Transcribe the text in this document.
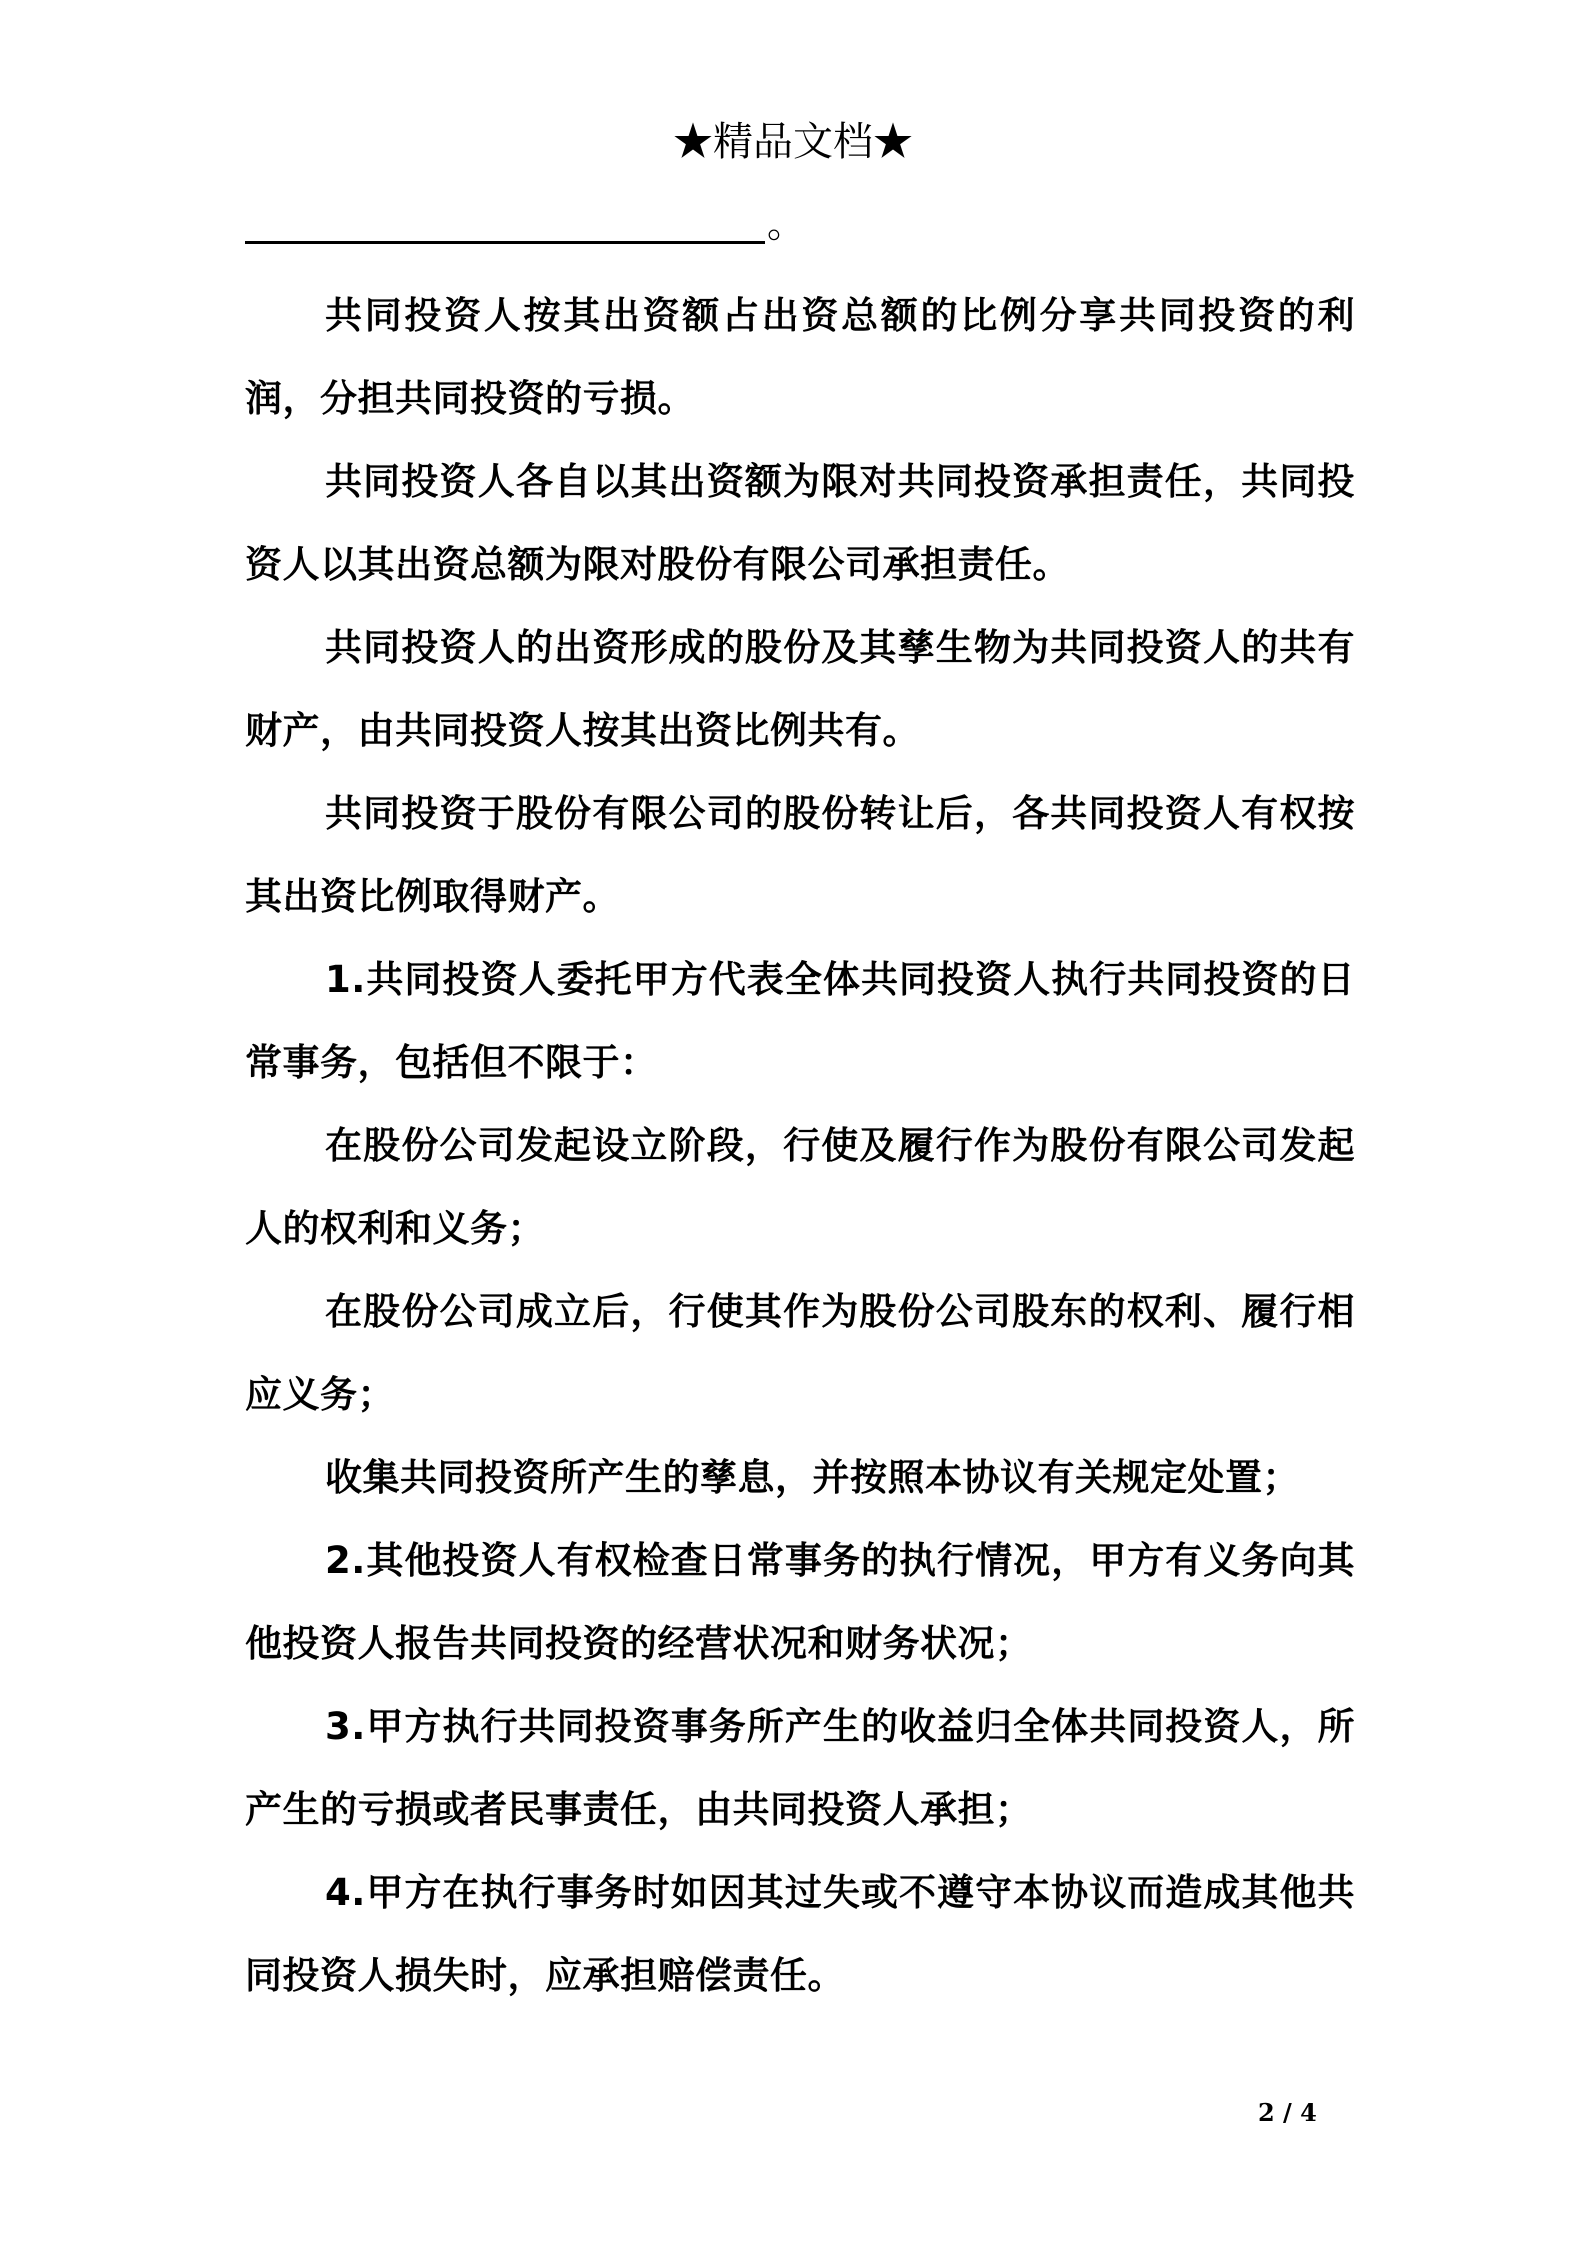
★精品文档★
。

共同投资人按其出资额占出资总额的比例分享共同投资的利润，分担共同投资的亏损。

共同投资人各自以其出资额为限对共同投资承担责任，共同投资人以其出资总额为限对股份有限公司承担责任。

共同投资人的出资形成的股份及其孳生物为共同投资人的共有财产，由共同投资人按其出资比例共有。

共同投资于股份有限公司的股份转让后，各共同投资人有权按其出资比例取得财产。

1.共同投资人委托甲方代表全体共同投资人执行共同投资的日常事务，包括但不限于：

在股份公司发起设立阶段，行使及履行作为股份有限公司发起人的权利和义务；

在股份公司成立后，行使其作为股份公司股东的权利、履行相应义务；

收集共同投资所产生的孳息，并按照本协议有关规定处置；

2.其他投资人有权检查日常事务的执行情况，甲方有义务向其他投资人报告共同投资的经营状况和财务状况；

3.甲方执行共同投资事务所产生的收益归全体共同投资人，所产生的亏损或者民事责任，由共同投资人承担；

4.甲方在执行事务时如因其过失或不遵守本协议而造成其他共同投资人损失时，应承担赔偿责任。

2 / 4
